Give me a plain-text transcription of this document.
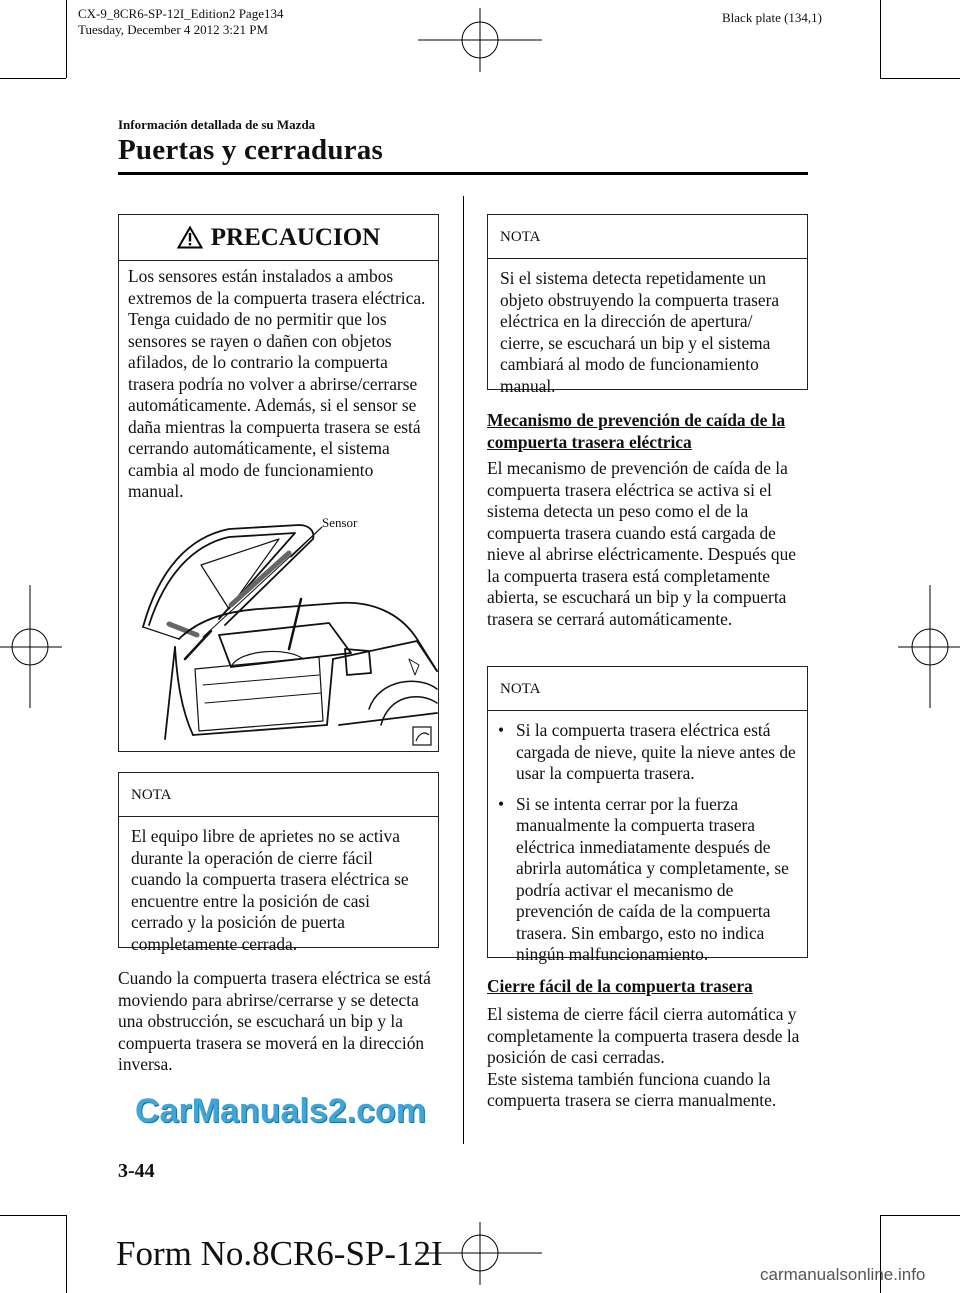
CX-9_8CR6-SP-12I_Edition2 Page134
Tuesday, December 4 2012 3:21 PM
Black plate (134,1)
Información detallada de su Mazda
Puertas y cerraduras
PRECAUCION
Los sensores están instalados a ambos extremos de la compuerta trasera eléctrica. Tenga cuidado de no permitir que los sensores se rayen o dañen con objetos afilados, de lo contrario la compuerta trasera podría no volver a abrirse/cerrarse automáticamente. Además, si el sensor se daña mientras la compuerta trasera se está cerrando automáticamente, el sistema cambia al modo de funcionamiento manual.
Sensor
NOTA
El equipo libre de aprietes no se activa durante la operación de cierre fácil cuando la compuerta trasera eléctrica se encuentre entre la posición de casi cerrado y la posición de puerta completamente cerrada.
Cuando la compuerta trasera eléctrica se está moviendo para abrirse/cerrarse y se detecta una obstrucción, se escuchará un bip y la compuerta trasera se moverá en la dirección inversa.
NOTA
Si el sistema detecta repetidamente un objeto obstruyendo la compuerta trasera eléctrica en la dirección de apertura/ cierre, se escuchará un bip y el sistema cambiará al modo de funcionamiento manual.
Mecanismo de prevención de caída de la compuerta trasera eléctrica
El mecanismo de prevención de caída de la compuerta trasera eléctrica se activa si el sistema detecta un peso como el de la compuerta trasera cuando está cargada de nieve al abrirse eléctricamente. Después que la compuerta trasera está completamente abierta, se escuchará un bip y la compuerta trasera se cerrará automáticamente.
NOTA
• Si la compuerta trasera eléctrica está cargada de nieve, quite la nieve antes de usar la compuerta trasera.
• Si se intenta cerrar por la fuerza manualmente la compuerta trasera eléctrica inmediatamente después de abrirla automática y completamente, se podría activar el mecanismo de prevención de caída de la compuerta trasera. Sin embargo, esto no indica ningún malfuncionamiento.
Cierre fácil de la compuerta trasera
El sistema de cierre fácil cierra automática y completamente la compuerta trasera desde la posición de casi cerradas.
Este sistema también funciona cuando la compuerta trasera se cierra manualmente.
CarManuals2.com
3-44
Form No.8CR6-SP-12I
carmanualsonline.info
